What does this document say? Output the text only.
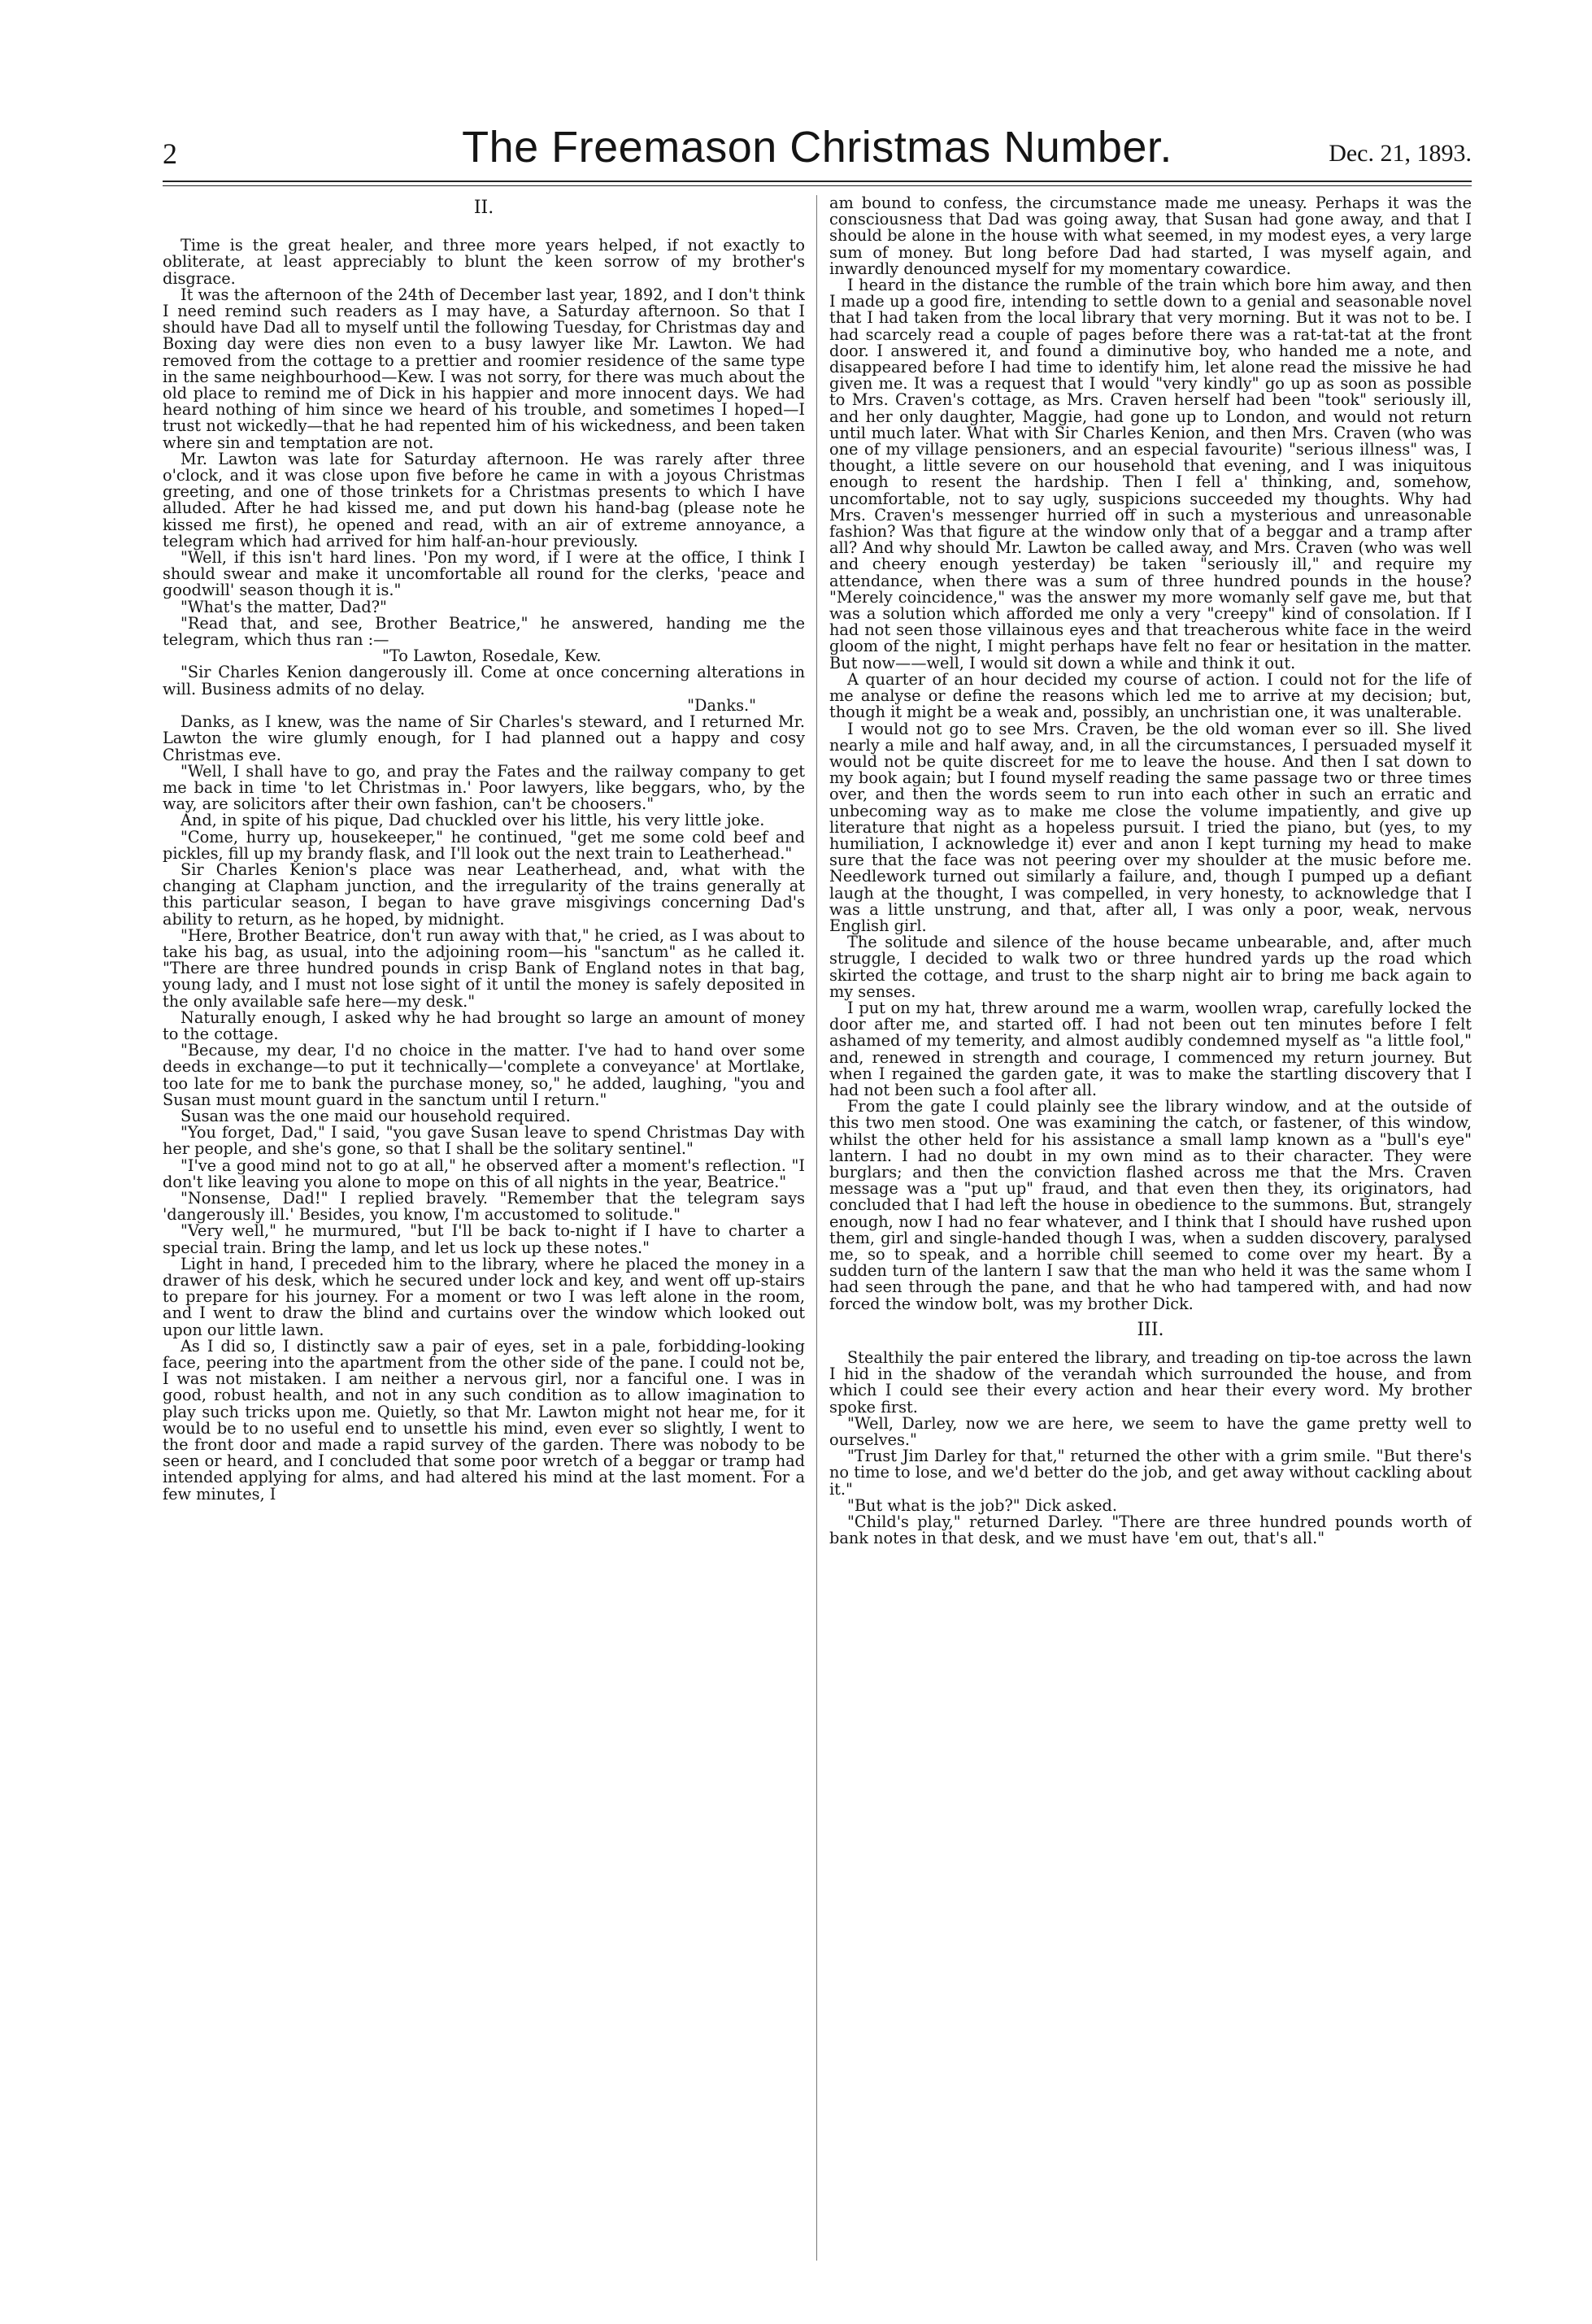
2	The Freemason Christmas Number.	Dec. 21, 1893.

II.

Time is the great healer, and three more years helped, if not exactly to obliterate, at least appreciably to blunt the keen sorrow of my brother's disgrace.

It was the afternoon of the 24th of December last year, 1892, and I don't think I need remind such readers as I may have, a Saturday afternoon. So that I should have Dad all to myself until the following Tuesday, for Christmas day and Boxing day were dies non even to a busy lawyer like Mr. Lawton. We had removed from the cottage to a prettier and roomier residence of the same type in the same neighbourhood—Kew. I was not sorry, for there was much about the old place to remind me of Dick in his happier and more innocent days. We had heard nothing of him since we heard of his trouble, and sometimes I hoped—I trust not wickedly—that he had repented him of his wickedness, and been taken where sin and temptation are not.

Mr. Lawton was late for Saturday afternoon. He was rarely after three o'clock, and it was close upon five before he came in with a joyous Christmas greeting, and one of those trinkets for a Christmas presents to which I have alluded. After he had kissed me, and put down his hand-bag (please note he kissed me first), he opened and read, with an air of extreme annoyance, a telegram which had arrived for him half-an-hour previously.

"Well, if this isn't hard lines. 'Pon my word, if I were at the office, I think I should swear and make it uncomfortable all round for the clerks, 'peace and goodwill' season though it is."

"What's the matter, Dad?"

"Read that, and see, Brother Beatrice," he answered, handing me the telegram, which thus ran :—

"To Lawton, Rosedale, Kew.

"Sir Charles Kenion dangerously ill. Come at once concerning alterations in will. Business admits of no delay.

"Danks."

Danks, as I knew, was the name of Sir Charles's steward, and I returned Mr. Lawton the wire glumly enough, for I had planned out a happy and cosy Christmas eve.

"Well, I shall have to go, and pray the Fates and the railway company to get me back in time 'to let Christmas in.' Poor lawyers, like beggars, who, by the way, are solicitors after their own fashion, can't be choosers."

And, in spite of his pique, Dad chuckled over his little, his very little joke.

"Come, hurry up, housekeeper," he continued, "get me some cold beef and pickles, fill up my brandy flask, and I'll look out the next train to Leatherhead."

Sir Charles Kenion's place was near Leatherhead, and, what with the changing at Clapham junction, and the irregularity of the trains generally at this particular season, I began to have grave misgivings concerning Dad's ability to return, as he hoped, by midnight.

"Here, Brother Beatrice, don't run away with that," he cried, as I was about to take his bag, as usual, into the adjoining room—his "sanctum" as he called it. "There are three hundred pounds in crisp Bank of England notes in that bag, young lady, and I must not lose sight of it until the money is safely deposited in the only available safe here—my desk."

Naturally enough, I asked why he had brought so large an amount of money to the cottage.

"Because, my dear, I'd no choice in the matter. I've had to hand over some deeds in exchange—to put it technically—'complete a conveyance' at Mortlake, too late for me to bank the purchase money, so," he added, laughing, "you and Susan must mount guard in the sanctum until I return."

Susan was the one maid our household required.

"You forget, Dad," I said, "you gave Susan leave to spend Christmas Day with her people, and she's gone, so that I shall be the solitary sentinel."

"I've a good mind not to go at all," he observed after a moment's reflection. "I don't like leaving you alone to mope on this of all nights in the year, Beatrice."

"Nonsense, Dad!" I replied bravely. "Remember that the telegram says 'dangerously ill.' Besides, you know, I'm accustomed to solitude."

"Very well," he murmured, "but I'll be back to-night if I have to charter a special train. Bring the lamp, and let us lock up these notes."

Light in hand, I preceded him to the library, where he placed the money in a drawer of his desk, which he secured under lock and key, and went off up-stairs to prepare for his journey. For a moment or two I was left alone in the room, and I went to draw the blind and curtains over the window which looked out upon our little lawn.

As I did so, I distinctly saw a pair of eyes, set in a pale, forbidding-looking face, peering into the apartment from the other side of the pane. I could not be, I was not mistaken. I am neither a nervous girl, nor a fanciful one. I was in good, robust health, and not in any such condition as to allow imagination to play such tricks upon me. Quietly, so that Mr. Lawton might not hear me, for it would be to no useful end to unsettle his mind, even ever so slightly, I went to the front door and made a rapid survey of the garden. There was nobody to be seen or heard, and I concluded that some poor wretch of a beggar or tramp had intended applying for alms, and had altered his mind at the last moment. For a few minutes, I

am bound to confess, the circumstance made me uneasy. Perhaps it was the consciousness that Dad was going away, that Susan had gone away, and that I should be alone in the house with what seemed, in my modest eyes, a very large sum of money. But long before Dad had started, I was myself again, and inwardly denounced myself for my momentary cowardice.

I heard in the distance the rumble of the train which bore him away, and then I made up a good fire, intending to settle down to a genial and seasonable novel that I had taken from the local library that very morning. But it was not to be. I had scarcely read a couple of pages before there was a rat-tat-tat at the front door. I answered it, and found a diminutive boy, who handed me a note, and disappeared before I had time to identify him, let alone read the missive he had given me. It was a request that I would "very kindly" go up as soon as possible to Mrs. Craven's cottage, as Mrs. Craven herself had been "took" seriously ill, and her only daughter, Maggie, had gone up to London, and would not return until much later. What with Sir Charles Kenion, and then Mrs. Craven (who was one of my village pensioners, and an especial favourite) "serious illness" was, I thought, a little severe on our household that evening, and I was iniquitous enough to resent the hardship. Then I fell a' thinking, and, somehow, uncomfortable, not to say ugly, suspicions succeeded my thoughts. Why had Mrs. Craven's messenger hurried off in such a mysterious and unreasonable fashion? Was that figure at the window only that of a beggar and a tramp after all? And why should Mr. Lawton be called away, and Mrs. Craven (who was well and cheery enough yesterday) be taken "seriously ill," and require my attendance, when there was a sum of three hundred pounds in the house? "Merely coincidence," was the answer my more womanly self gave me, but that was a solution which afforded me only a very "creepy" kind of consolation. If I had not seen those villainous eyes and that treacherous white face in the weird gloom of the night, I might perhaps have felt no fear or hesitation in the matter. But now——well, I would sit down a while and think it out.

A quarter of an hour decided my course of action. I could not for the life of me analyse or define the reasons which led me to arrive at my decision; but, though it might be a weak and, possibly, an unchristian one, it was unalterable.

I would not go to see Mrs. Craven, be the old woman ever so ill. She lived nearly a mile and half away, and, in all the circumstances, I persuaded myself it would not be quite discreet for me to leave the house. And then I sat down to my book again; but I found myself reading the same passage two or three times over, and then the words seem to run into each other in such an erratic and unbecoming way as to make me close the volume impatiently, and give up literature that night as a hopeless pursuit. I tried the piano, but (yes, to my humiliation, I acknowledge it) ever and anon I kept turning my head to make sure that the face was not peering over my shoulder at the music before me. Needlework turned out similarly a failure, and, though I pumped up a defiant laugh at the thought, I was compelled, in very honesty, to acknowledge that I was a little unstrung, and that, after all, I was only a poor, weak, nervous English girl.

The solitude and silence of the house became unbearable, and, after much struggle, I decided to walk two or three hundred yards up the road which skirted the cottage, and trust to the sharp night air to bring me back again to my senses.

I put on my hat, threw around me a warm, woollen wrap, carefully locked the door after me, and started off. I had not been out ten minutes before I felt ashamed of my temerity, and almost audibly condemned myself as "a little fool," and, renewed in strength and courage, I commenced my return journey. But when I regained the garden gate, it was to make the startling discovery that I had not been such a fool after all.

From the gate I could plainly see the library window, and at the outside of this two men stood. One was examining the catch, or fastener, of this window, whilst the other held for his assistance a small lamp known as a "bull's eye" lantern. I had no doubt in my own mind as to their character. They were burglars; and then the conviction flashed across me that the Mrs. Craven message was a "put up" fraud, and that even then they, its originators, had concluded that I had left the house in obedience to the summons. But, strangely enough, now I had no fear whatever, and I think that I should have rushed upon them, girl and single-handed though I was, when a sudden discovery, paralysed me, so to speak, and a horrible chill seemed to come over my heart. By a sudden turn of the lantern I saw that the man who held it was the same whom I had seen through the pane, and that he who had tampered with, and had now forced the window bolt, was my brother Dick.

III.

Stealthily the pair entered the library, and treading on tip-toe across the lawn I hid in the shadow of the verandah which surrounded the house, and from which I could see their every action and hear their every word. My brother spoke first.

"Well, Darley, now we are here, we seem to have the game pretty well to ourselves."

"Trust Jim Darley for that," returned the other with a grim smile. "But there's no time to lose, and we'd better do the job, and get away without cackling about it."

"But what is the job?" Dick asked.

"Child's play," returned Darley. "There are three hundred pounds worth of bank notes in that desk, and we must have 'em out, that's all."
